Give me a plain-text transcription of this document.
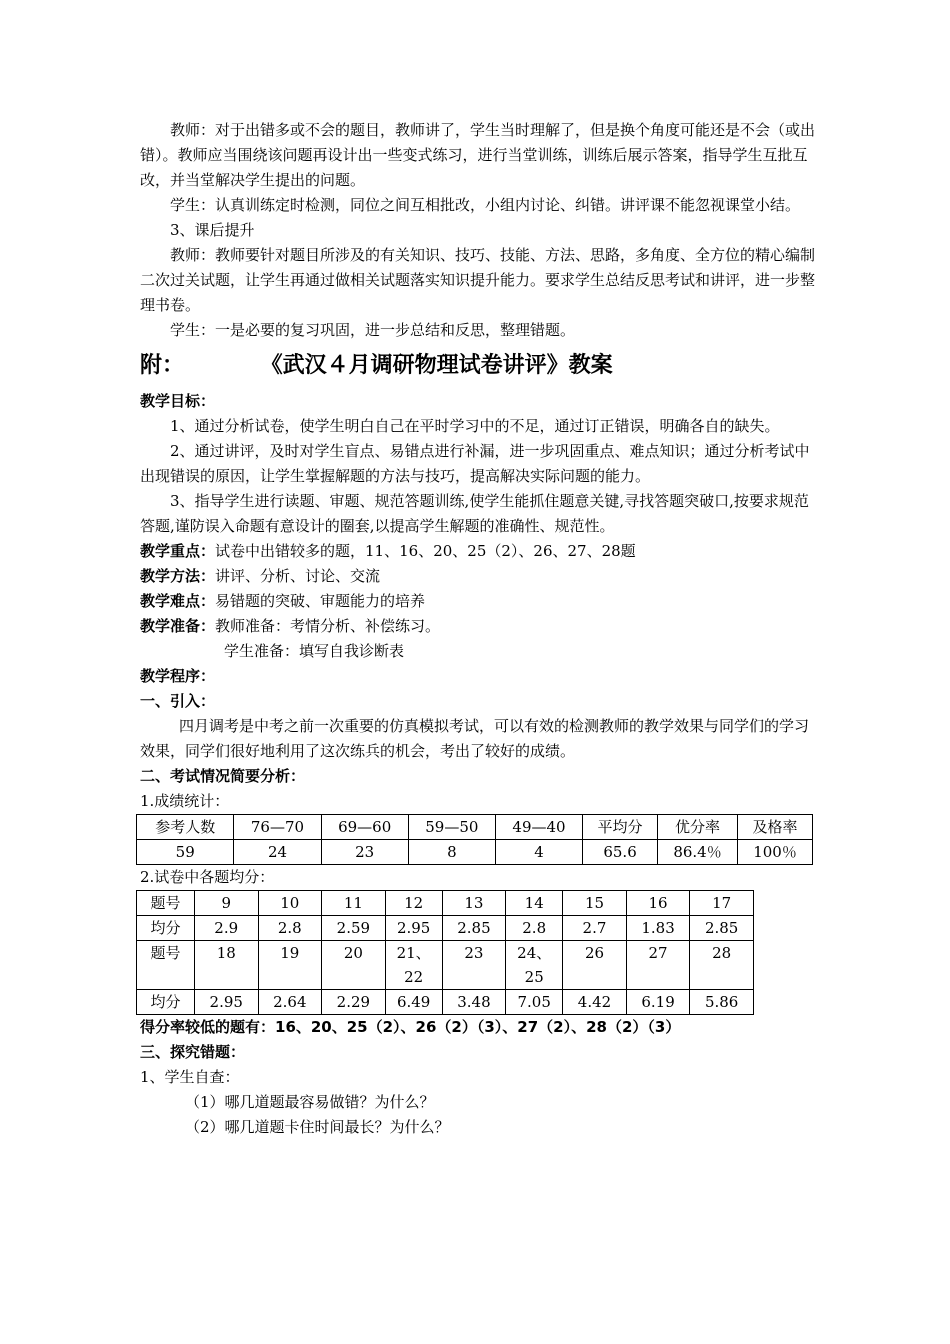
教师：对于出错多或不会的题目，教师讲了，学生当时理解了，但是换个角度可能还是不会（或出错）。教师应当围绕该问题再设计出一些变式练习，进行当堂训练，训练后展示答案，指导学生互批互改，并当堂解决学生提出的问题。

学生：认真训练定时检测，同位之间互相批改，小组内讨论、纠错。讲评课不能忽视课堂小结。

3、课后提升

教师：教师要针对题目所涉及的有关知识、技巧、技能、方法、思路，多角度、全方位的精心编制二次过关试题，让学生再通过做相关试题落实知识提升能力。要求学生总结反思考试和讲评，进一步整理书卷。

学生：一是必要的复习巩固，进一步总结和反思，整理错题。

附：	《武汉４月调研物理试卷讲评》教案

教学目标：

1、通过分析试卷，使学生明白自己在平时学习中的不足，通过订正错误，明确各自的缺失。

2、通过讲评，及时对学生盲点、易错点进行补漏，进一步巩固重点、难点知识；通过分析考试中出现错误的原因，让学生掌握解题的方法与技巧，提高解决实际问题的能力。

3、指导学生进行读题、审题、规范答题训练,使学生能抓住题意关键,寻找答题突破口,按要求规范答题,谨防误入命题有意设计的圈套,以提高学生解题的准确性、规范性。

教学重点：试卷中出错较多的题，11、16、20、25（2）、26、27、28题

教学方法：讲评、分析、讨论、交流

教学难点：易错题的突破、审题能力的培养

教学准备：教师准备：考情分析、补偿练习。

学生准备：填写自我诊断表

教学程序：

一、引入：

四月调考是中考之前一次重要的仿真模拟考试，可以有效的检测教师的教学效果与同学们的学习效果，同学们很好地利用了这次练兵的机会，考出了较好的成绩。

二、考试情况简要分析：

1.成绩统计：

参考人数	76—70	69—60	59—50	49—40	平均分	优分率	及格率
59	24	23	8	4	65.6	86.4％	100％

2.试卷中各题均分：

题号	9	10	11	12	13	14	15	16	17
均分	2.9	2.8	2.59	2.95	2.85	2.8	2.7	1.83	2.85
题号	18	19	20	21、22	23	24、25	26	27	28
均分	2.95	2.64	2.29	6.49	3.48	7.05	4.42	6.19	5.86

得分率较低的题有：16、20、25（2）、26（2）（3）、27（2）、28（2）（3）

三、探究错题：

1、学生自查：

（1）哪几道题最容易做错？为什么？

（2）哪几道题卡住时间最长？为什么？
